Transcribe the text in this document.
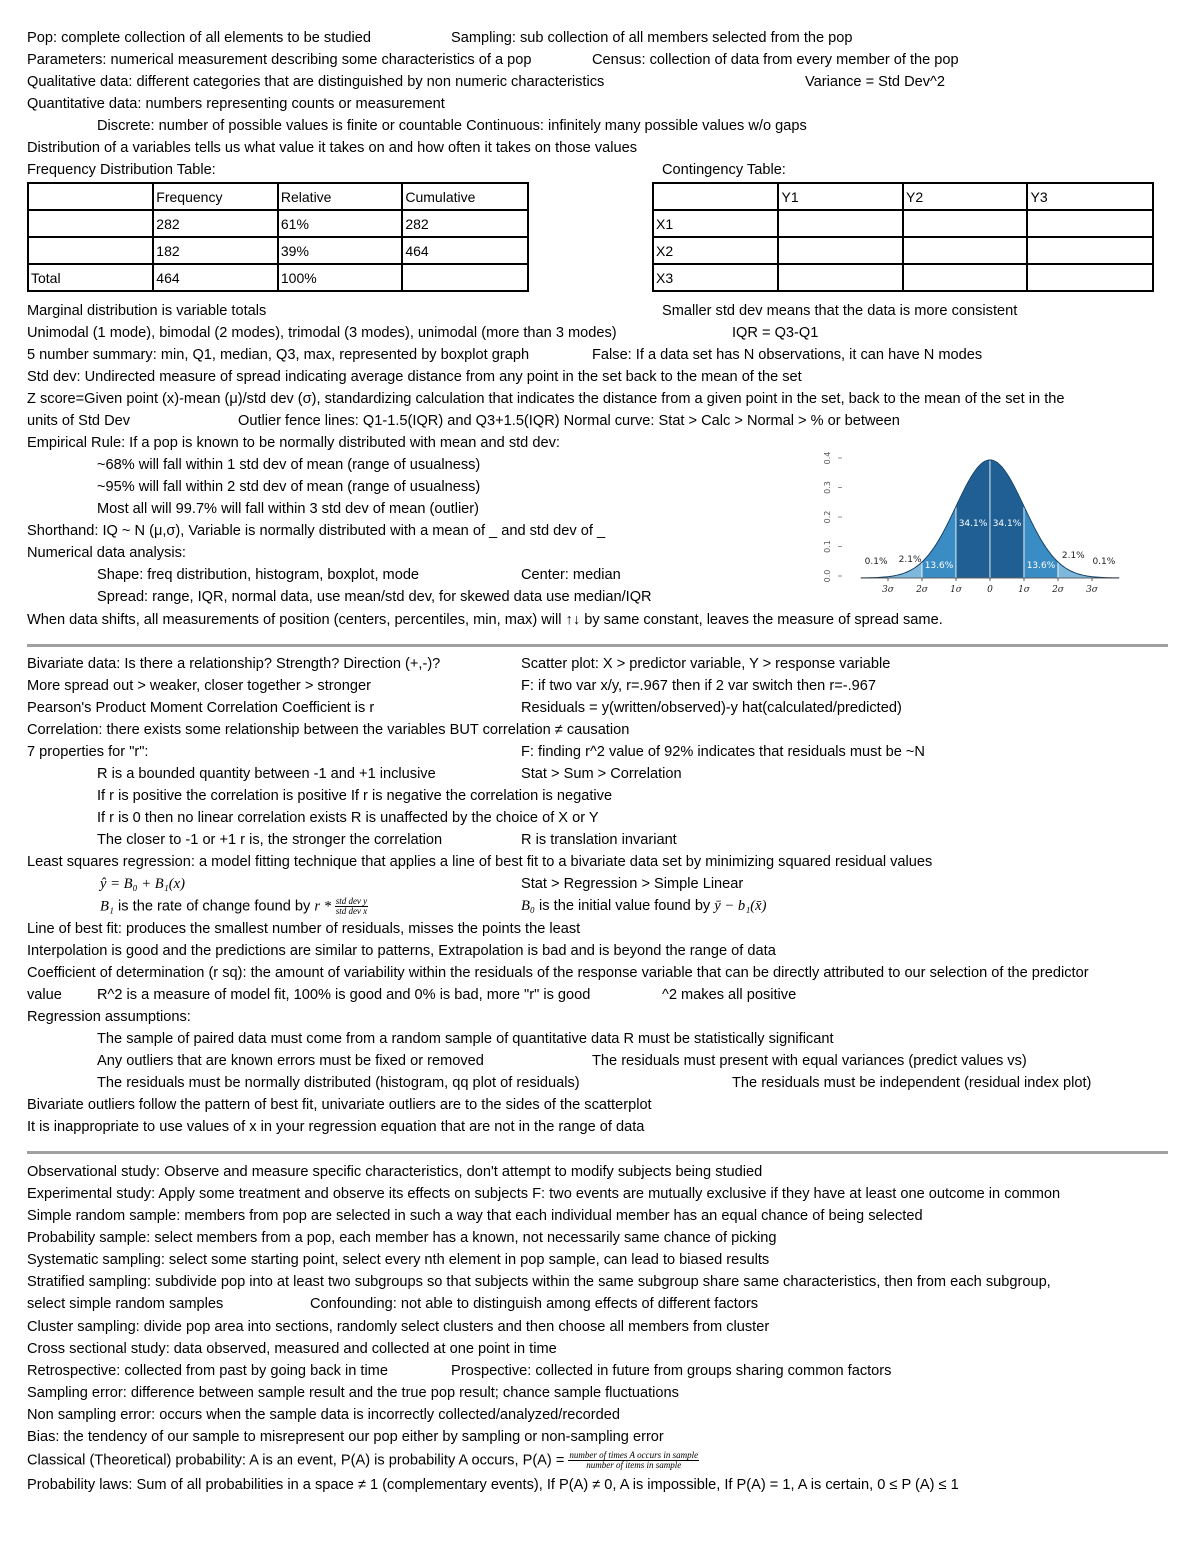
Pop: complete collection of all elements to be studied	Sampling: sub collection of all members selected from the pop
Parameters: numerical measurement describing some characteristics of a pop	Census: collection of data from every member of the pop
Qualitative data: different categories that are distinguished by non numeric characteristics	Variance = Std Dev^2
Quantitative data: numbers representing counts or measurement
Discrete: number of possible values is finite or countable Continuous: infinitely many possible values w/o gaps
Distribution of a variables tells us what value it takes on and how often it takes on those values
Frequency Distribution Table:	Contingency Table:
	Frequency	Relative	Cumulative
	282	61%	282
	182	39%	464
Total	464	100%	
	Y1	Y2	Y3
X1			
X2			
X3			
Marginal distribution is variable totals	Smaller std dev means that the data is more consistent
Unimodal (1 mode), bimodal (2 modes), trimodal (3 modes), unimodal (more than 3 modes)	IQR = Q3-Q1
5 number summary: min, Q1, median, Q3, max, represented by boxplot graph	False: If a data set has N observations, it can have N modes
Std dev: Undirected measure of spread indicating average distance from any point in the set back to the mean of the set
Z score=Given point (x)-mean (μ)/std dev (σ), standardizing calculation that indicates the distance from a given point in the set, back to the mean of the set in the
units of Std Dev	Outlier fence lines: Q1-1.5(IQR) and Q3+1.5(IQR) Normal curve: Stat > Calc > Normal > % or between
Empirical Rule: If a pop is known to be normally distributed with mean and std dev:
~68% will fall within 1 std dev of mean (range of usualness)
~95% will fall within 2 std dev of mean (range of usualness)
Most all will 99.7% will fall within 3 std dev of mean (outlier)
Shorthand: IQ ~ N (μ,σ), Variable is normally distributed with a mean of _ and std dev of _
Numerical data analysis:
Shape: freq distribution, histogram, boxplot, mode	Center: median
Spread: range, IQR, normal data, use mean/std dev, for skewed data use median/IQR
When data shifts, all measurements of position (centers, percentiles, min, max) will ↑↓ by same constant, leaves the measure of spread same.
2.1%
13.6%
34.1% 34.1%
13.6%
2.1%
0.1%	0.1%
3σ 2σ 1σ	0	1σ 2σ 3σ
0.0
0.1
0.2
0.3
0.4
Bivariate data: Is there a relationship? Strength? Direction (+,-)?	Scatter plot: X > predictor variable, Y > response variable
More spread out > weaker, closer together > stronger	F: if two var x/y, r=.967 then if 2 var switch then r=-.967
Pearson's Product Moment Correlation Coefficient is r	Residuals = y(written/observed)-y hat(calculated/predicted)
Correlation: there exists some relationship between the variables BUT correlation ≠ causation
7 properties for "r":	F: finding r^2 value of 92% indicates that residuals must be ~N
R is a bounded quantity between -1 and +1 inclusive	Stat > Sum > Correlation
If r is positive the correlation is positive If r is negative the correlation is negative
If r is 0 then no linear correlation exists R is unaffected by the choice of X or Y
The closer to -1 or +1 r is, the stronger the correlation	R is translation invariant
Least squares regression: a model fitting technique that applies a line of best fit to a bivariate data set by minimizing squared residual values
ŷ = B₀ + B₁(x)	Stat > Regression > Simple Linear
B₁ is the rate of change found by r * $\frac{\text{std dev y}}{\text{std dev x}}$	B₀ is the initial value found by ȳ − b₁(x̄)
Line of best fit: produces the smallest number of residuals, misses the points the least
Interpolation is good and the predictions are similar to patterns, Extrapolation is bad and is beyond the range of data
Coefficient of determination (r sq): the amount of variability within the residuals of the response variable that can be directly attributed to our selection of the predictor
value R^2 is a measure of model fit, 100% is good and 0% is bad, more "r" is good	^2 makes all positive
Regression assumptions:
The sample of paired data must come from a random sample of quantitative data R must be statistically significant
Any outliers that are known errors must be fixed or removed	The residuals must present with equal variances (predict values vs)
The residuals must be normally distributed (histogram, qq plot of residuals)	The residuals must be independent (residual index plot)
Bivariate outliers follow the pattern of best fit, univariate outliers are to the sides of the scatterplot
It is inappropriate to use values of x in your regression equation that are not in the range of data
Observational study: Observe and measure specific characteristics, don't attempt to modify subjects being studied
Experimental study: Apply some treatment and observe its effects on subjects F: two events are mutually exclusive if they have at least one outcome in common
Simple random sample: members from pop are selected in such a way that each individual member has an equal chance of being selected
Probability sample: select members from a pop, each member has a known, not necessarily same chance of picking
Systematic sampling: select some starting point, select every nth element in pop sample, can lead to biased results
Stratified sampling: subdivide pop into at least two subgroups so that subjects within the same subgroup share same characteristics, then from each subgroup,
select simple random samples	Confounding: not able to distinguish among effects of different factors
Cluster sampling: divide pop area into sections, randomly select clusters and then choose all members from cluster
Cross sectional study: data observed, measured and collected at one point in time
Retrospective: collected from past by going back in time	Prospective: collected in future from groups sharing common factors
Sampling error: difference between sample result and the true pop result; chance sample fluctuations
Non sampling error: occurs when the sample data is incorrectly collected/analyzed/recorded
Bias: the tendency of our sample to misrepresent our pop either by sampling or non-sampling error
Classical (Theoretical) probability: A is an event, P(A) is probability A occurs, $P(A) = \frac{\text{number of times A occurs in sample}}{\text{number of items in sample}}$
Probability laws: Sum of all probabilities in a space ≠ 1 (complementary events), If P(A) ≠ 0, A is impossible, If P(A) = 1, A is certain, 0 ≤ P (A) ≤ 1
